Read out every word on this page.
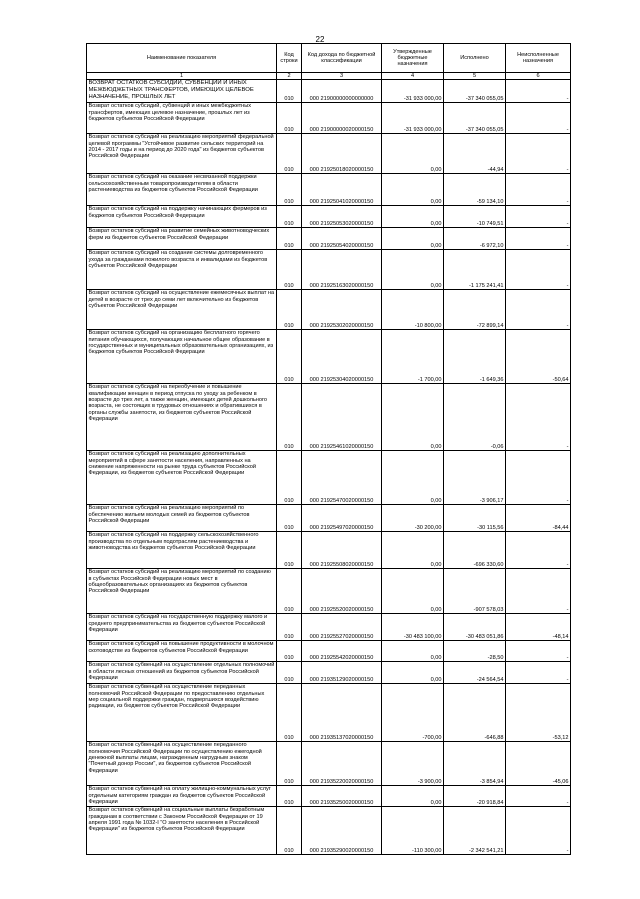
22
Наименование показателя	Код строки	Код дохода по бюджетной классификации	Утвержденные бюджетные назначения	Исполнено	Неисполненные назначения
1	2	3	4	5	6
ВОЗВРАТ ОСТАТКОВ СУБСИДИЙ, СУБВЕНЦИЙ И ИНЫХ МЕЖБЮДЖЕТНЫХ ТРАНСФЕРТОВ, ИМЕЮЩИХ ЦЕЛЕВОЕ НАЗНАЧЕНИЕ, ПРОШЛЫХ ЛЕТ	010	000 21900000000000000	-31 933 000,00	-37 340 055,05	-
Возврат остатков субсидий, субвенций и иных межбюджетных трансфертов, имеющих целевое назначение, прошлых лет из бюджетов субъектов Российской Федерации	010	000 21900000020000150	-31 933 000,00	-37 340 055,05	-
Возврат остатков субсидий на реализацию мероприятий федеральной целевой программы "Устойчивое развитие сельских территорий на 2014 - 2017 годы и на период до 2020 года" из бюджетов субъектов Российской Федерации	010	000 21925018020000150	0,00	-44,94	-
Возврат остатков субсидий на оказание несвязанной поддержки сельскохозяйственным товаропроизводителям в области растениеводства из бюджетов субъектов Российской Федерации	010	000 21925041020000150	0,00	-59 134,10	-
Возврат остатков субсидий на поддержку начинающих фермеров из бюджетов субъектов Российской Федерации	010	000 21925053020000150	0,00	-10 749,51	-
Возврат остатков субсидий на развитие семейных животноводческих ферм из бюджетов субъектов Российской Федерации	010	000 21925054020000150	0,00	-6 972,10	-
Возврат остатков субсидий на создание системы долговременного ухода за гражданами пожилого возраста и инвалидами из бюджетов субъектов Российской Федерации	010	000 21925163020000150	0,00	-1 175 241,41	-
Возврат остатков субсидий на осуществление ежемесячных выплат на детей в возрасте от трех до семи лет включительно из бюджетов субъектов Российской Федерации	010	000 21925302020000150	-10 800,00	-72 899,14	-
Возврат остатков субсидий на организацию бесплатного горячего питания обучающихся, получающих начальное общее образование в государственных и муниципальных образовательных организациях, из бюджетов субъектов Российской Федерации	010	000 21925304020000150	-1 700,00	-1 649,36	-50,64
Возврат остатков субсидий на переобучение и повышение квалификации женщин в период отпуска по уходу за ребенком в возрасте до трех лет, а также женщин, имеющих детей дошкольного возраста, не состоящих в трудовых отношениях и обратившихся в органы службы занятости, из бюджетов субъектов Российской Федерации	010	000 21925461020000150	0,00	-0,06	-
Возврат остатков субсидий на реализацию дополнительных мероприятий в сфере занятости населения, направленных на снижение напряженности на рынке труда субъектов Российской Федерации, из бюджетов субъектов Российской Федерации	010	000 21925470020000150	0,00	-3 906,17	-
Возврат остатков субсидий на реализацию мероприятий по обеспечению жильем молодых семей из бюджетов субъектов Российской Федерации	010	000 21925497020000150	-30 200,00	-30 115,56	-84,44
Возврат остатков субсидий на поддержку сельскохозяйственного производства по отдельным подотраслям растениеводства и животноводства из бюджетов субъектов Российской Федерации	010	000 21925508020000150	0,00	-696 330,60	-
Возврат остатков субсидий на реализацию мероприятий по созданию в субъектах Российской Федерации новых мест в общеобразовательных организациях из бюджетов субъектов Российской Федерации	010	000 21925520020000150	0,00	-907 578,03	-
Возврат остатков субсидий на государственную поддержку малого и среднего предпринимательства из бюджетов субъектов Российской Федерации	010	000 21925527020000150	-30 483 100,00	-30 483 051,86	-48,14
Возврат остатков субсидий на повышение продуктивности в молочном скотоводстве из бюджетов субъектов Российской Федерации	010	000 21925542020000150	0,00	-28,50	-
Возврат остатков субвенций на осуществление отдельных полномочий в области лесных отношений из бюджетов субъектов Российской Федерации	010	000 21935129020000150	0,00	-24 564,54	-
Возврат остатков субвенций на осуществление переданных полномочий Российской Федерации по предоставлению отдельных мер социальной поддержки граждан, подвергшихся воздействию радиации, из бюджетов субъектов Российской Федерации	010	000 21935137020000150	-700,00	-646,88	-53,12
Возврат остатков субвенций на осуществление переданного полномочия Российской Федерации по осуществлению ежегодной денежной выплаты лицам, награжденным нагрудным знаком "Почетный донор России", из бюджетов субъектов Российской Федерации	010	000 21935220020000150	-3 900,00	-3 854,94	-45,06
Возврат остатков субвенций на оплату жилищно-коммунальных услуг отдельным категориям граждан из бюджетов субъектов Российской Федерации	010	000 21935250020000150	0,00	-20 918,84	-
Возврат остатков субвенций на социальные выплаты безработным гражданам в соответствии с Законом Российской Федерации от 19 апреля 1991 года № 1032-I "О занятости населения в Российской Федерации" из бюджетов субъектов Российской Федерации	010	000 21935290020000150	-110 300,00	-2 342 541,21	-
